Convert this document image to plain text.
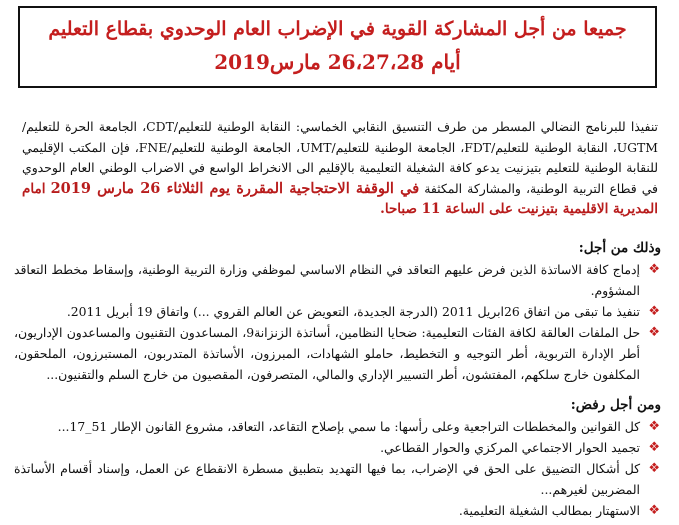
جميعا من أجل المشاركة القوية في الإضراب العام الوحدوي بقطاع التعليم
أيام 26،27،28 مارس2019
تنفيذا للبرنامج النضالي المسطر من طرف التنسيق النقابي الخماسي: النقابة الوطنية للتعليم/CDT، الجامعة الحرة للتعليم/ UGTM، النقابة الوطنية للتعليم/FDT، الجامعة الوطنية للتعليم/UMT، الجامعة الوطنية للتعليم/FNE، فإن المكتب الإقليمي للنقابة الوطنية للتعليم بتيزنيت يدعو كافة الشغيلة التعليمية بالإقليم الى الانخراط الواسع في الاضراب الوطني العام الوحدوي في قطاع التربية الوطنية، والمشاركة المكثفة في الوقفة الاحتجاجية المقررة يوم الثلاثاء 26 مارس 2019 امام المديرية الاقليمية بتيزنيت على الساعة 11 صباحا.
وذلك من أجل:
❖
إدماج كافة الاساتذة الذين فرض عليهم التعاقد في النظام الاساسي لموظفي وزارة التربية الوطنية، وإسقاط مخطط التعاقد المشؤوم.
❖
تنفيذ ما تبقى من اتفاق 26ابريل 2011 (الدرجة الجديدة، التعويض عن العالم القروي ...) واتفاق 19 أبريل 2011.
❖
حل الملفات العالقة لكافة الفئات التعليمية: ضحايا النظامين، أساتذة الزنزانة9، المساعدون التقنيون والمساعدون الإداريون، أطر الإدارة التربوية، أطر التوجيه و التخطيط، حاملو الشهادات، المبرزون، الأساتذة المتدربون، المستبرزون، الملحقون، المكلفون خارج سلكهم، المفتشون، أطر التسيير الإداري والمالي، المتصرفون، المقصيون من خارج السلم والتقنيون...
ومن أجل رفض:
❖
كل القوانين والمخططات التراجعية وعلى رأسها: ما سمي بإصلاح التقاعد، التعاقد، مشروع القانون الإطار 51_17...
❖
تجميد الحوار الاجتماعي المركزي والحوار القطاعي.
❖
كل أشكال التضييق على الحق في الإضراب، بما فيها التهديد بتطبيق مسطرة الانقطاع عن العمل، وإسناد أقسام الأساتذة المضربين لغيرهم...
❖
الاستهتار بمطالب الشغيلة التعليمية.
